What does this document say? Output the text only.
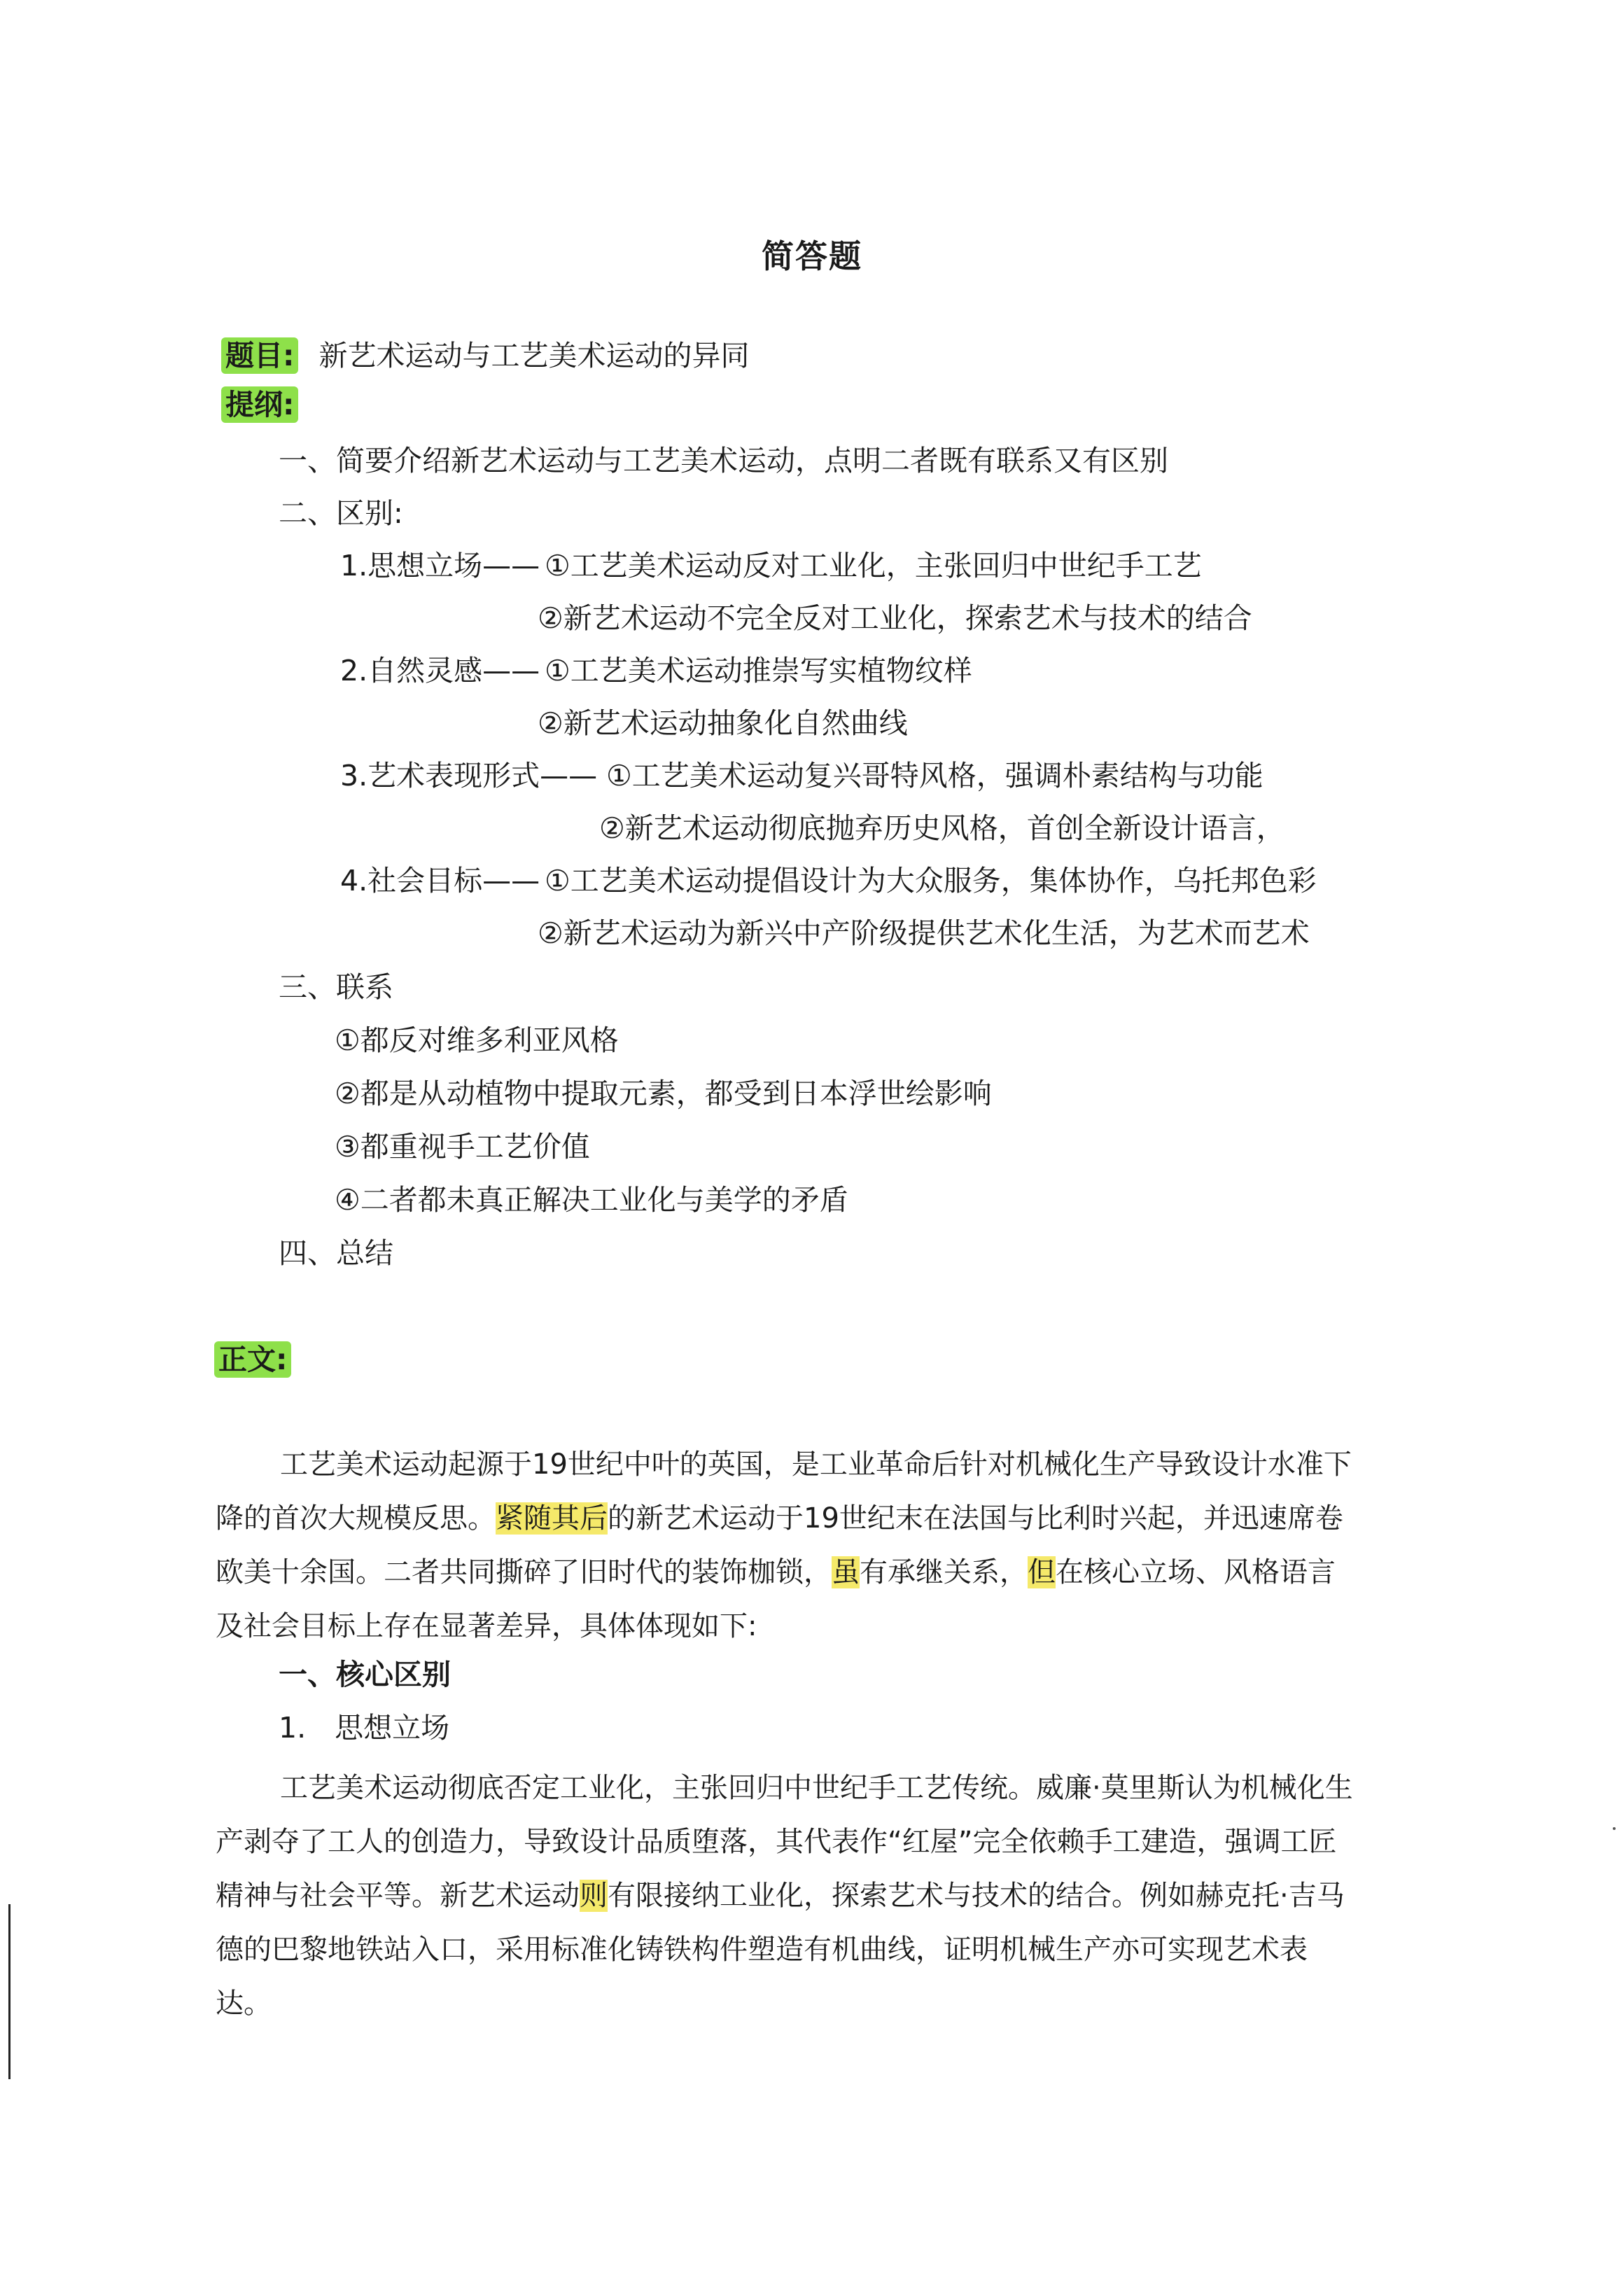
简答题
题目: 新艺术运动与工艺美术运动的异同
提纲:
一、简要介绍新艺术运动与工艺美术运动，点明二者既有联系又有区别
二、区别:
1.思想立场—— ①工艺美术运动反对工业化，主张回归中世纪手工艺
②新艺术运动不完全反对工业化，探索艺术与技术的结合
2.自然灵感—— ①工艺美术运动推崇写实植物纹样
②新艺术运动抽象化自然曲线
3.艺术表现形式—— ①工艺美术运动复兴哥特风格，强调朴素结构与功能
②新艺术运动彻底抛弃历史风格，首创全新设计语言，
4.社会目标—— ①工艺美术运动提倡设计为大众服务，集体协作，乌托邦色彩
②新艺术运动为新兴中产阶级提供艺术化生活，为艺术而艺术
三、联系
①都反对维多利亚风格
②都是从动植物中提取元素，都受到日本浮世绘影响
③都重视手工艺价值
④二者都未真正解决工业化与美学的矛盾
四、总结
正文:

工艺美术运动起源于19世纪中叶的英国，是工业革命后针对机械化生产导致设计水准下降的首次大规模反思。紧随其后的新艺术运动于19世纪末在法国与比利时兴起，并迅速席卷欧美十余国。二者共同撕碎了旧时代的装饰枷锁，虽有承继关系，但在核心立场、风格语言及社会目标上存在显著差异，具体体现如下:

一、核心区别
1.　思想立场

工艺美术运动彻底否定工业化，主张回归中世纪手工艺传统。威廉·莫里斯认为机械化生产剥夺了工人的创造力，导致设计品质堕落，其代表作“红屋”完全依赖手工建造，强调工匠精神与社会平等。新艺术运动则有限接纳工业化，探索艺术与技术的结合。例如赫克托·吉马德的巴黎地铁站入口，采用标准化铸铁构件塑造有机曲线，证明机械生产亦可实现艺术表达。
